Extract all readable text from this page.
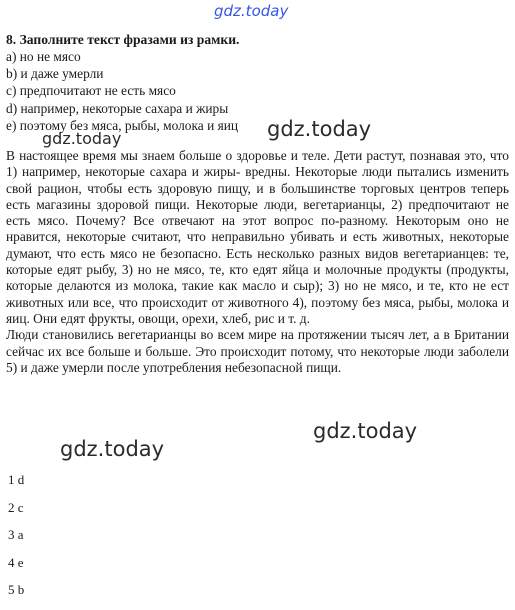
gdz.today
8. Заполните текст фразами из рамки.
а) но не мясо
b) и даже умерли
c) предпочитают не есть мясо
d) например, некоторые сахара и жиры
e) поэтому без мяса, рыбы, молока и яиц

В настоящее время мы знаем больше о здоровье и теле. Дети растут, познавая это, что 1) например, некоторые сахара и жиры- вредны. Некоторые люди пытались изменить свой рацион, чтобы есть здоровую пищу, и в большинстве торговых центров теперь есть магазины здоровой пищи. Некоторые люди, вегетарианцы, 2) предпочитают не есть мясо. Почему? Все отвечают на этот вопрос по-разному. Некоторым оно не нравится, некоторые считают, что неправильно убивать и есть животных, некоторые думают, что есть мясо не безопасно. Есть несколько разных видов вегетарианцев: те, которые едят рыбу, 3) но не мясо, те, кто едят яйца и молочные продукты (продукты, которые делаются из молока, такие как масло и сыр); 3) но не мясо, и те, кто не ест животных или все, что происходит от животного 4), поэтому без мяса, рыбы, молока и яиц. Они едят фрукты, овощи, орехи, хлеб, рис и т. д.

Люди становились вегетарианцы во всем мире на протяжении тысяч лет, а в Британии сейчас их все больше и больше. Это происходит потому, что некоторые люди заболели 5) и даже умерли после употребления небезопасной пищи.

1 d
2 c
3 a
4 e
5 b
gdz.today
gdz.today
gdz.today
gdz.today
